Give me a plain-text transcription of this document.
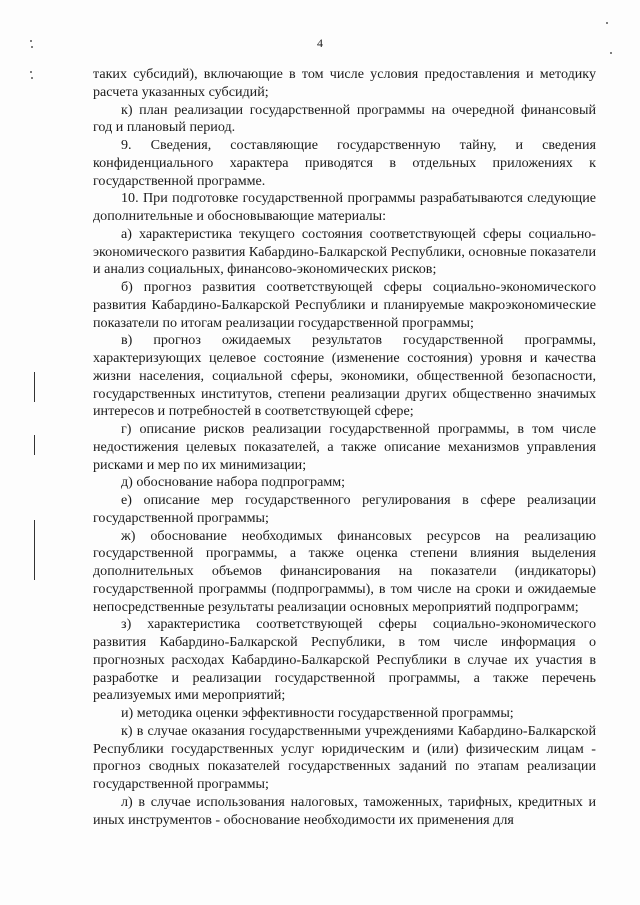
4

таких субсидий), включающие в том числе условия предоставления и методику расчета указанных субсидий;

к) план реализации государственной программы на очередной финансовый год и плановый период.

9. Сведения, составляющие государственную тайну, и сведения конфиденциального характера приводятся в отдельных приложениях к государственной программе.

10. При подготовке государственной программы разрабатываются следующие дополнительные и обосновывающие материалы:

а) характеристика текущего состояния соответствующей сферы социально-экономического развития Кабардино-Балкарской Республики, основные показатели и анализ социальных, финансово-экономических рисков;

б) прогноз развития соответствующей сферы социально-экономического развития Кабардино-Балкарской Республики и планируемые макроэкономические показатели по итогам реализации государственной программы;

в) прогноз ожидаемых результатов государственной программы, характеризующих целевое состояние (изменение состояния) уровня и качества жизни населения, социальной сферы, экономики, общественной безопасности, государственных институтов, степени реализации других общественно значимых интересов и потребностей в соответствующей сфере;

г) описание рисков реализации государственной программы, в том числе недостижения целевых показателей, а также описание механизмов управления рисками и мер по их минимизации;

д) обоснование набора подпрограмм;

е) описание мер государственного регулирования в сфере реализации государственной программы;

ж) обоснование необходимых финансовых ресурсов на реализацию государственной программы, а также оценка степени влияния выделения дополнительных объемов финансирования на показатели (индикаторы) государственной программы (подпрограммы), в том числе на сроки и ожидаемые непосредственные результаты реализации основных мероприятий подпрограмм;

з) характеристика соответствующей сферы социально-экономического развития Кабардино-Балкарской Республики, в том числе информация о прогнозных расходах Кабардино-Балкарской Республики в случае их участия в разработке и реализации государственной программы, а также перечень реализуемых ими мероприятий;

и) методика оценки эффективности государственной программы;

к) в случае оказания государственными учреждениями Кабардино-Балкарской Республики государственных услуг юридическим и (или) физическим лицам - прогноз сводных показателей государственных заданий по этапам реализации государственной программы;

л) в случае использования налоговых, таможенных, тарифных, кредитных и иных инструментов - обоснование необходимости их применения для
